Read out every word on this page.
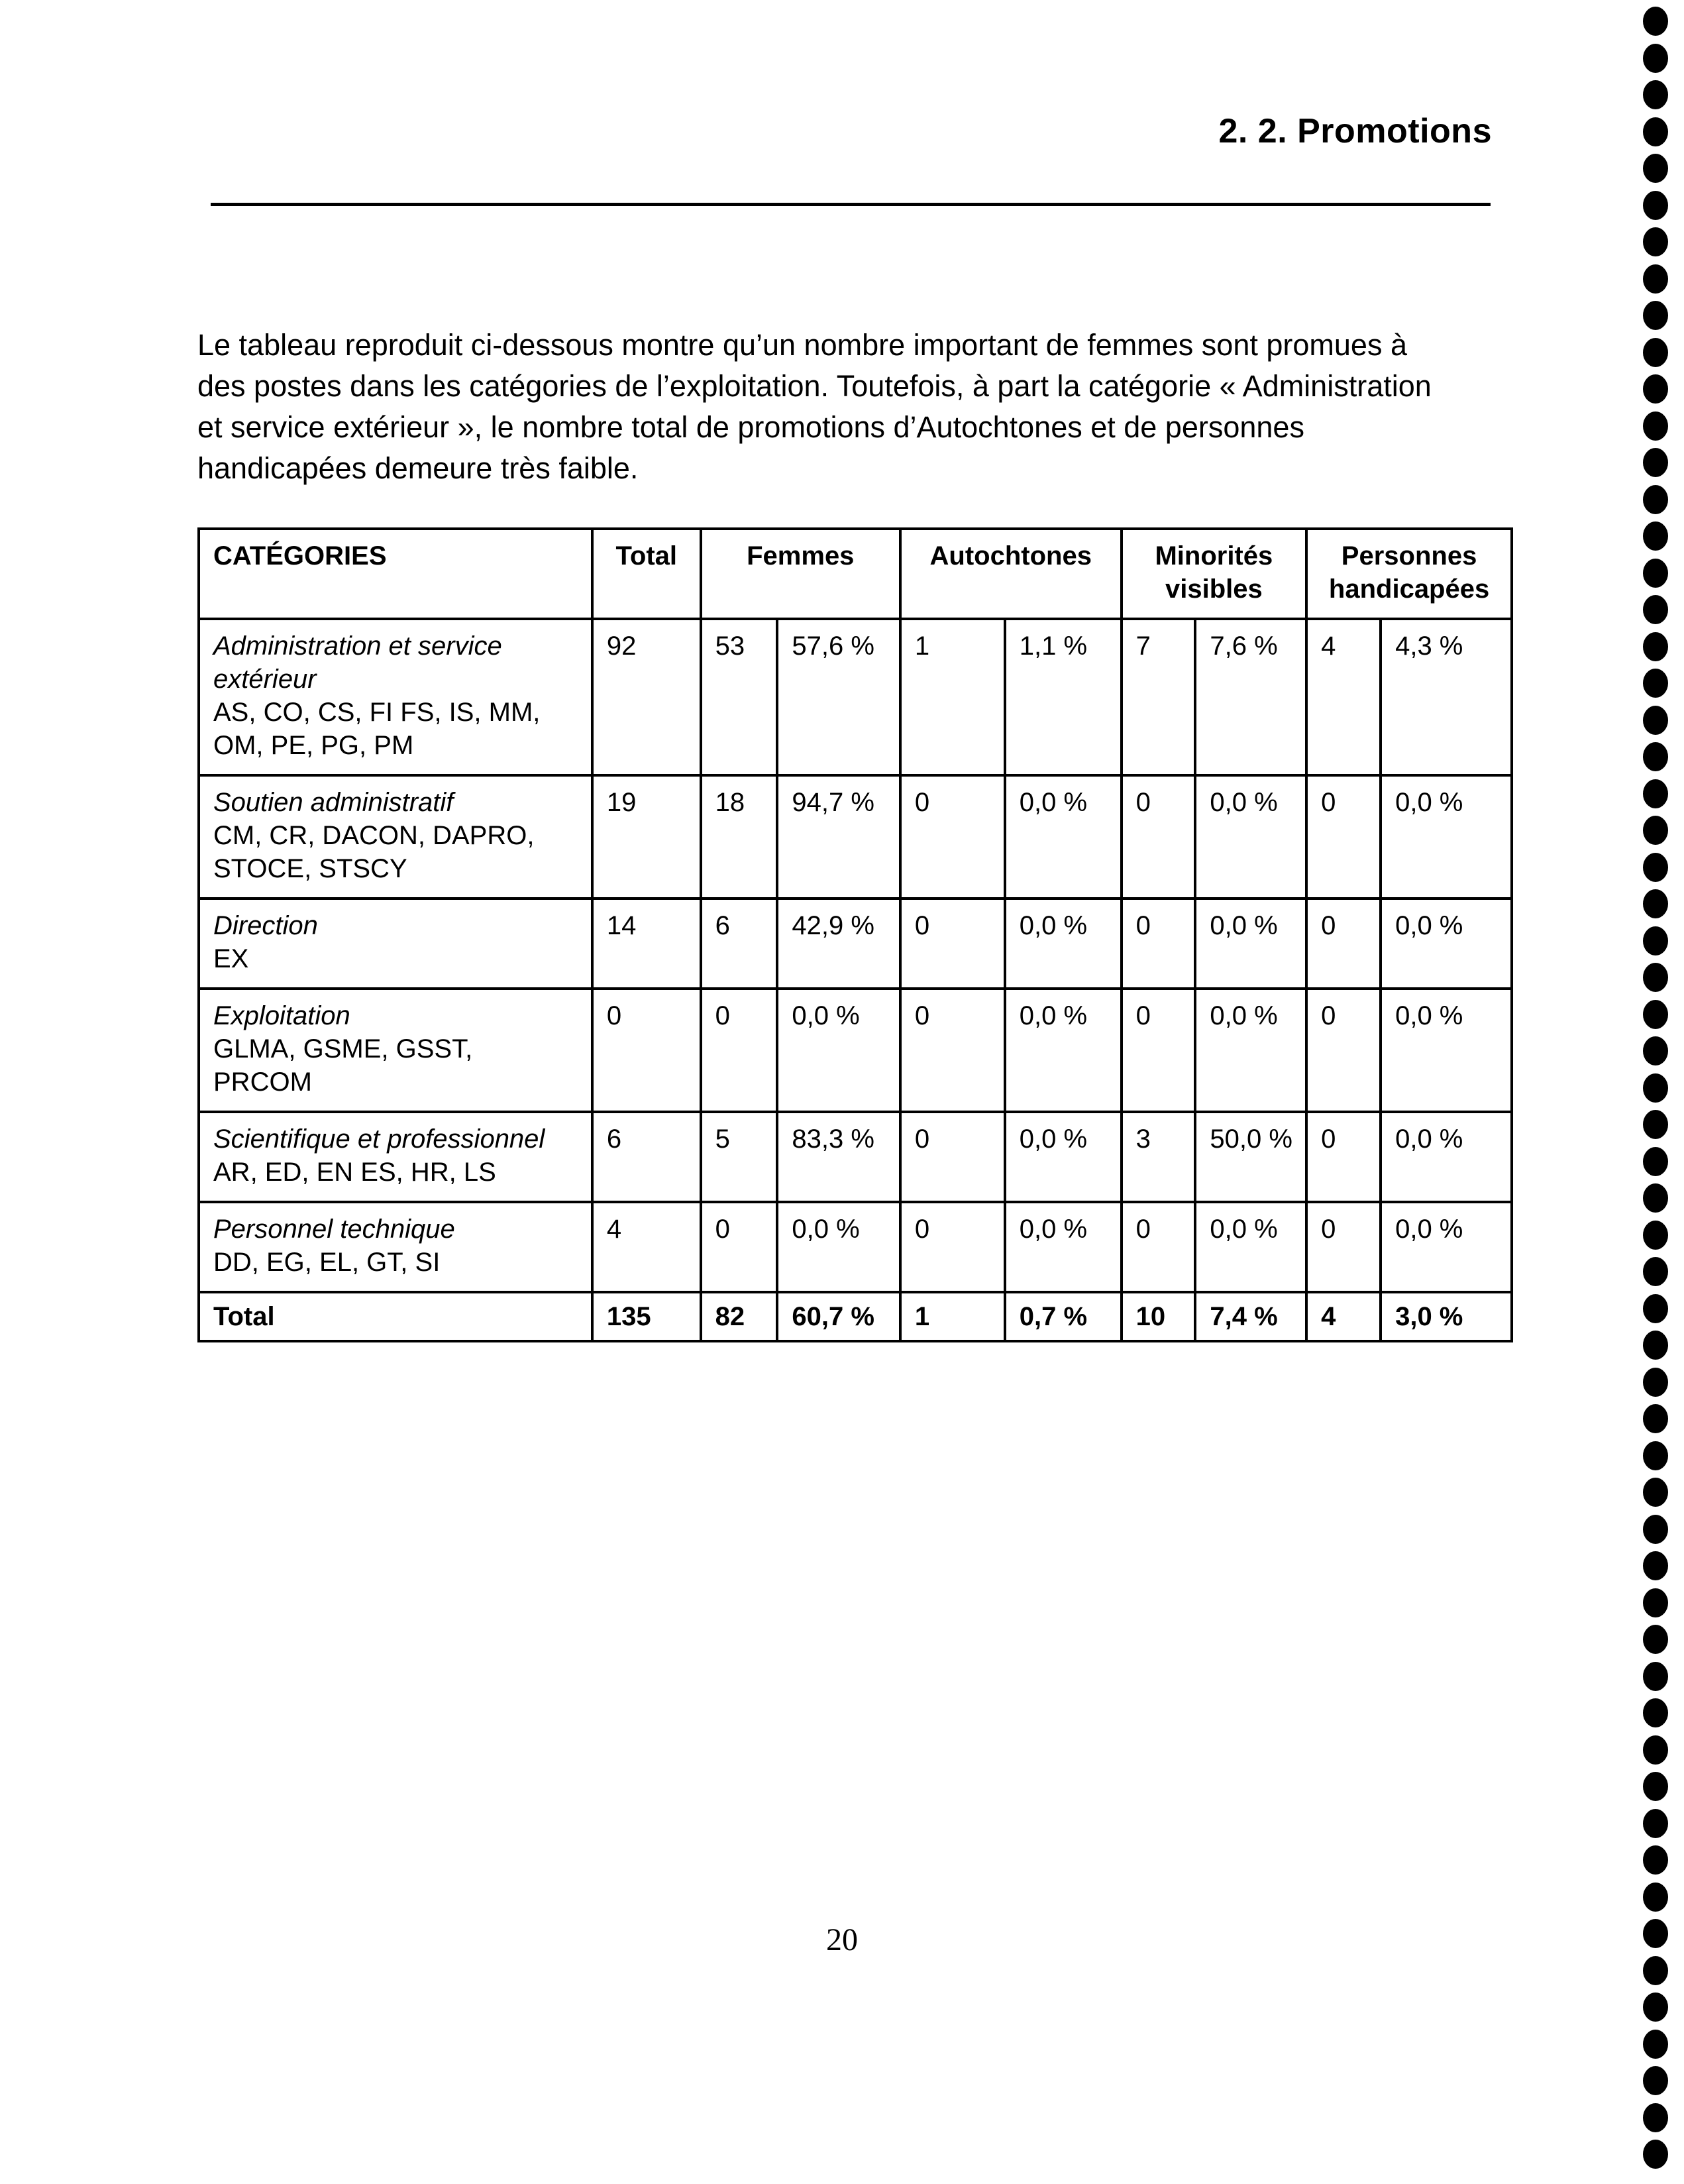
2. 2. Promotions

Le tableau reproduit ci-dessous montre qu’un nombre important de femmes sont promues à des postes dans les catégories de l’exploitation. Toutefois, à part la catégorie « Administration et service extérieur », le nombre total de promotions d’Autochtones et de personnes handicapées demeure très faible.

CATÉGORIES	Total	Femmes		Autochtones		Minorités visibles		Personnes handicapées	

Administration et service extérieur
AS, CO, CS, FI FS, IS, MM, OM, PE, PG, PM	92	53	57,6 %	1	1,1 %	7	7,6 %	4	4,3 %

Soutien administratif
CM, CR, DACON, DAPRO, STOCE, STSCY	19	18	94,7 %	0	0,0 %	0	0,0 %	0	0,0 %

Direction
EX	14	6	42,9 %	0	0,0 %	0	0,0 %	0	0,0 %

Exploitation
GLMA, GSME, GSST, PRCOM	0	0	0,0 %	0	0,0 %	0	0,0 %	0	0,0 %

Scientifique et professionnel
AR, ED, EN ES, HR, LS	6	5	83,3 %	0	0,0 %	3	50,0 %	0	0,0 %

Personnel technique
DD, EG, EL, GT, SI	4	0	0,0 %	0	0,0 %	0	0,0 %	0	0,0 %
Total	135	82	60,7 %	1	0,7 %	10	7,4 %	4	3,0 %
20
